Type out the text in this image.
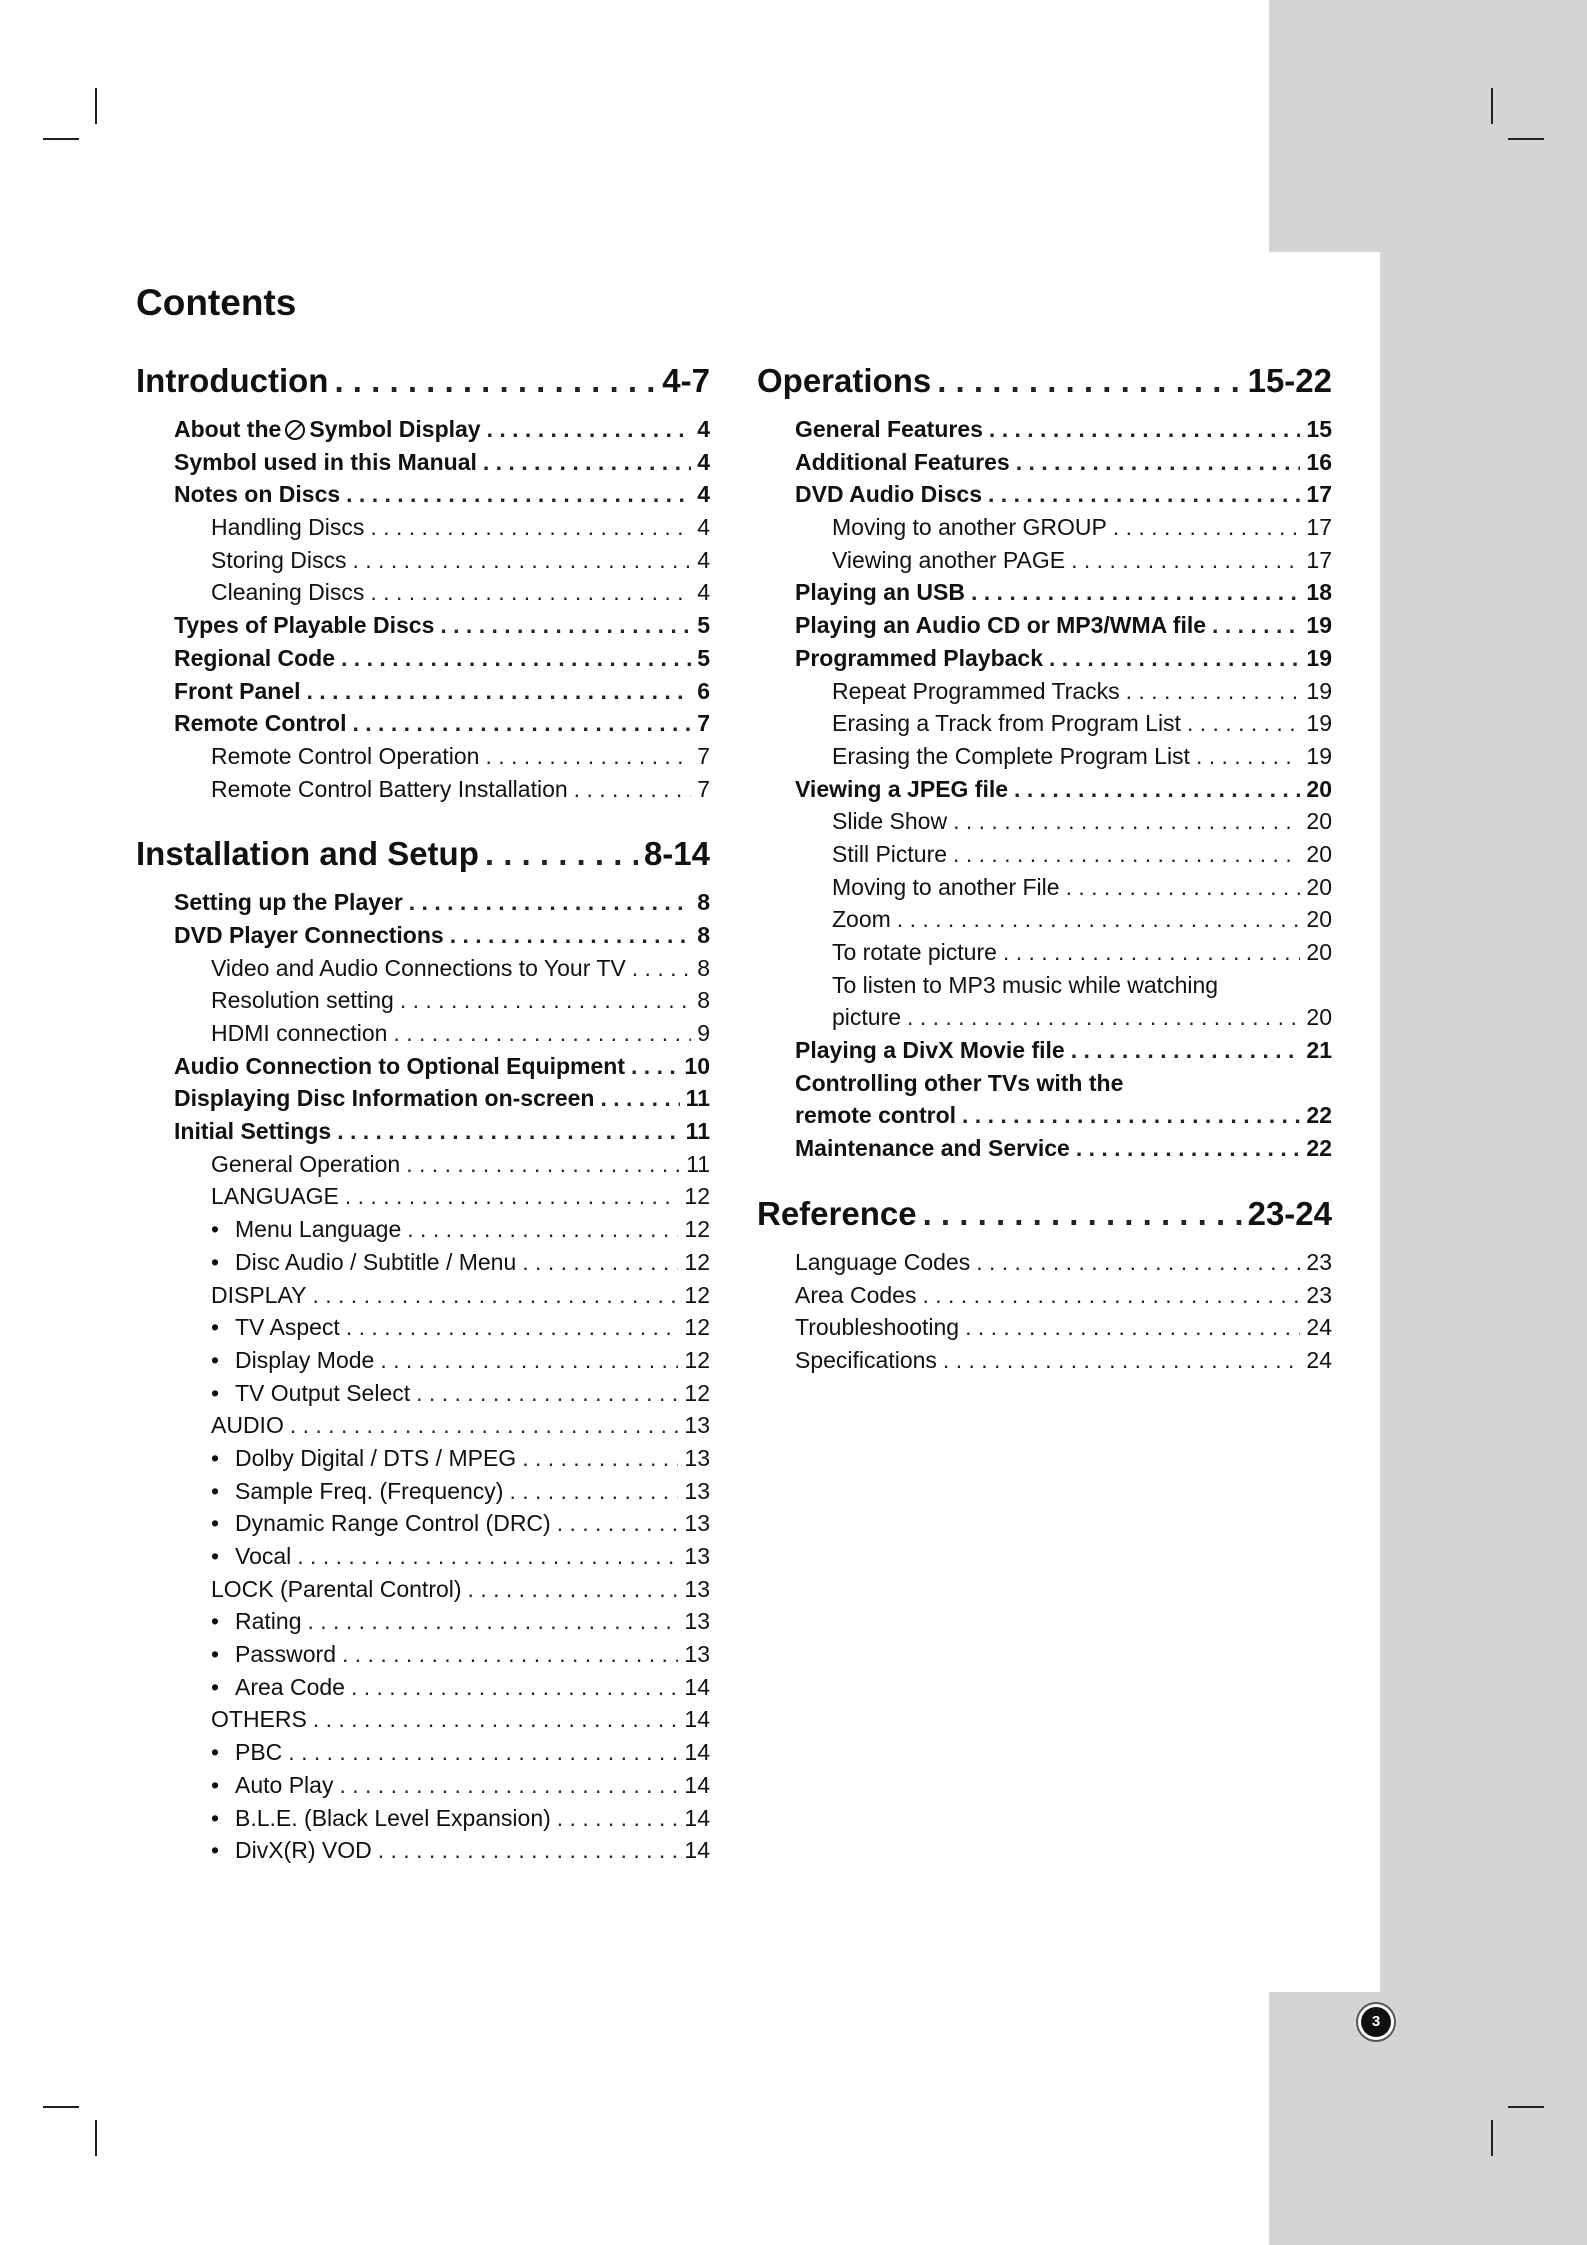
Contents
Introduction . . .	4-7
About the Symbol Display . . .	4
Symbol used in this Manual . . .	4
Notes on Discs . . .	4
Handling Discs . . .	4
Storing Discs . . .	4
Cleaning Discs . . .	4
Types of Playable Discs . . .	5
Regional Code . . .	5
Front Panel . . .	6
Remote Control . . .	7
Remote Control Operation . . .	7
Remote Control Battery Installation . . .	7
Installation and Setup . . .	8-14
Setting up the Player . . .	8
DVD Player Connections . . .	8
Video and Audio Connections to Your TV . . .	8
Resolution setting . . .	8
HDMI connection . . .	9
Audio Connection to Optional Equipment . . .	10
Displaying Disc Information on-screen . . .	11
Initial Settings . . .	11
General Operation . . .	11
LANGUAGE . . .	12
• Menu Language . . .	12
• Disc Audio / Subtitle / Menu . . .	12
DISPLAY . . .	12
• TV Aspect . . .	12
• Display Mode . . .	12
• TV Output Select . . .	12
AUDIO . . .	13
• Dolby Digital / DTS / MPEG . . .	13
• Sample Freq. (Frequency) . . .	13
• Dynamic Range Control (DRC) . . .	13
• Vocal . . .	13
LOCK (Parental Control) . . .	13
• Rating . . .	13
• Password . . .	13
• Area Code . . .	14
OTHERS . . .	14
• PBC . . .	14
• Auto Play . . .	14
• B.L.E. (Black Level Expansion) . . .	14
• DivX(R) VOD . . .	14
Operations . . .	15-22
General Features . . .	15
Additional Features . . .	16
DVD Audio Discs . . .	17
Moving to another GROUP . . .	17
Viewing another PAGE . . .	17
Playing an USB . . .	18
Playing an Audio CD or MP3/WMA file . . .	19
Programmed Playback . . .	19
Repeat Programmed Tracks . . .	19
Erasing a Track from Program List . . .	19
Erasing the Complete Program List . . .	19
Viewing a JPEG file . . .	20
Slide Show . . .	20
Still Picture . . .	20
Moving to another File . . .	20
Zoom . . .	20
To rotate picture . . .	20
To listen to MP3 music while watching
picture . . .	20
Playing a DivX Movie file . . .	21
Controlling other TVs with the
remote control . . .	22
Maintenance and Service . . .	22
Reference . . .	23-24
Language Codes . . .	23
Area Codes . . .	23
Troubleshooting . . .	24
Specifications . . .	24
3
